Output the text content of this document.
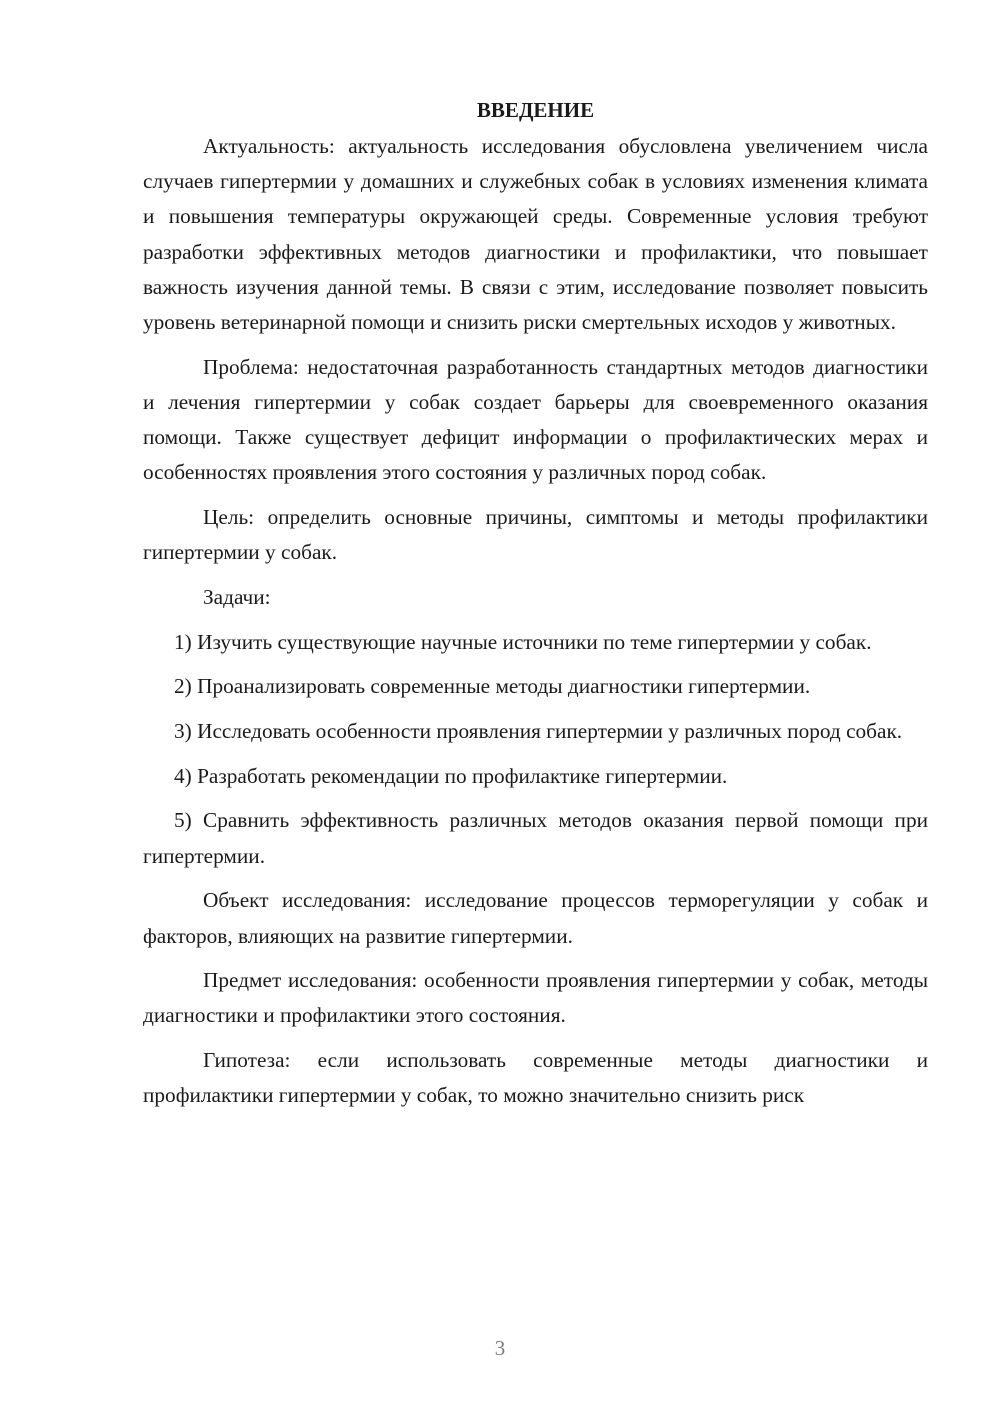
ВВЕДЕНИЕ

Актуальность: актуальность исследования обусловлена увеличением числа случаев гипертермии у домашних и служебных собак в условиях изменения климата и повышения температуры окружающей среды. Современные условия требуют разработки эффективных методов диагностики и профилактики, что повышает важность изучения данной темы. В связи с этим, исследование позволяет повысить уровень ветеринарной помощи и снизить риски смертельных исходов у животных.

Проблема: недостаточная разработанность стандартных методов диагностики и лечения гипертермии у собак создает барьеры для своевременного оказания помощи. Также существует дефицит информации о профилактических мерах и особенностях проявления этого состояния у различных пород собак.

Цель: определить основные причины, симптомы и методы профилактики гипертермии у собак.

Задачи:

1) Изучить существующие научные источники по теме гипертермии у собак.

2) Проанализировать современные методы диагностики гипертермии.

3) Исследовать особенности проявления гипертермии у различных пород собак.

4) Разработать рекомендации по профилактике гипертермии.

5) Сравнить эффективность различных методов оказания первой помощи при гипертермии.

Объект исследования: исследование процессов терморегуляции у собак и факторов, влияющих на развитие гипертермии.

Предмет исследования: особенности проявления гипертермии у собак, методы диагностики и профилактики этого состояния.

Гипотеза: если использовать современные методы диагностики и профилактики гипертермии у собак, то можно значительно снизить риск

3
